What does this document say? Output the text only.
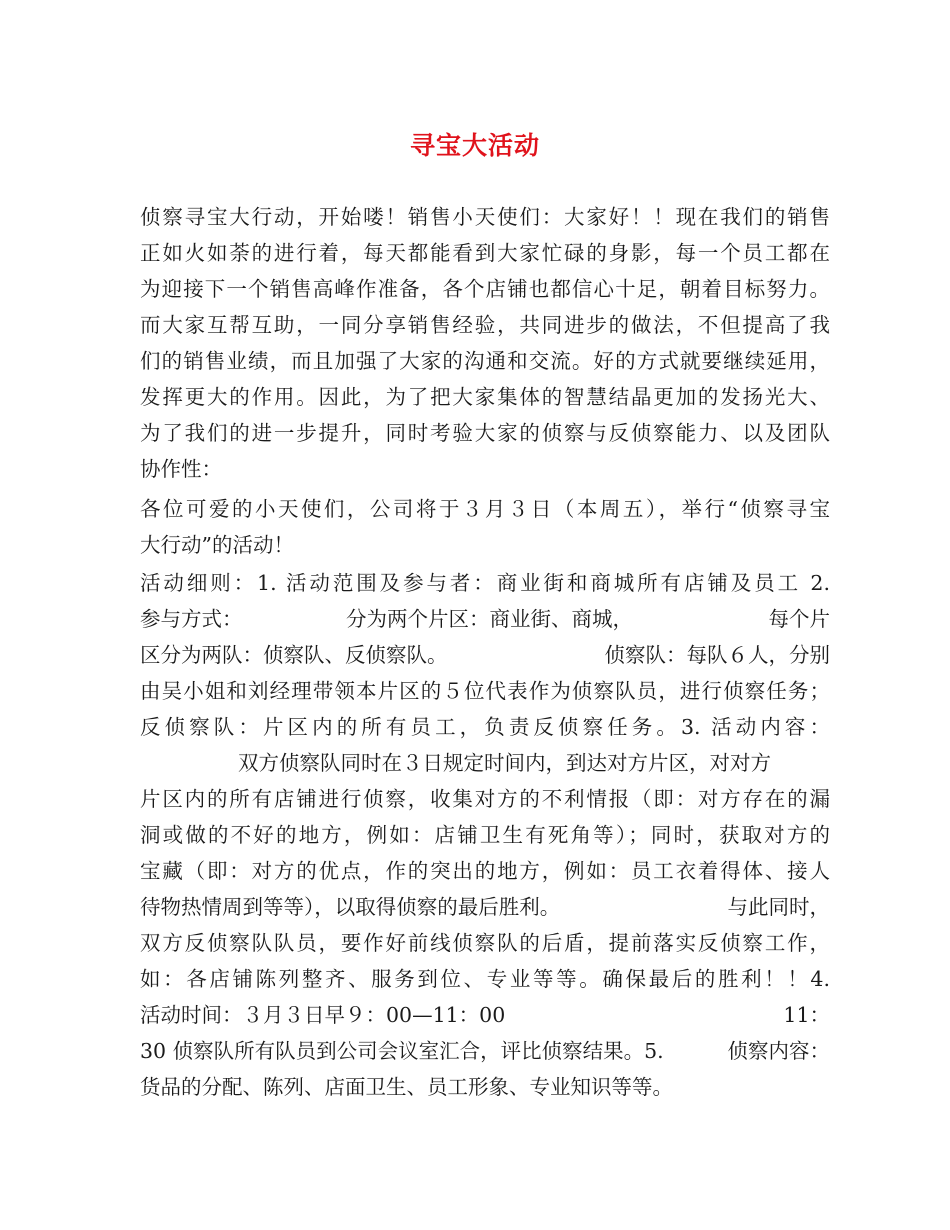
寻宝大活动
侦察寻宝大行动，开始喽！销售小天使们：大家好！！现在我们的销售
正如火如荼的进行着，每天都能看到大家忙碌的身影，每一个员工都在
为迎接下一个销售高峰作准备，各个店铺也都信心十足，朝着目标努力。
而大家互帮互助，一同分享销售经验，共同进步的做法，不但提高了我
们的销售业绩，而且加强了大家的沟通和交流。好的方式就要继续延用，
发挥更大的作用。因此，为了把大家集体的智慧结晶更加的发扬光大、
为了我们的进一步提升，同时考验大家的侦察与反侦察能力、以及团队
协作性：
各位可爱的小天使们，公司将于３月３日（本周五），举行“侦察寻宝
大行动”的活动！
活动细则：1. 活动范围及参与者：商业街和商城所有店铺及员工 2.
参与方式：	分为两个片区：商业街、商城，	每个片
区分为两队：侦察队、反侦察队。	侦察队：每队６人，分别
由吴小姐和刘经理带领本片区的５位代表作为侦察队员，进行侦察任务；
反侦察队：片区内的所有员工，负责反侦察任务。3. 活动内容：
双方侦察队同时在３日规定时间内，到达对方片区，对对方
片区内的所有店铺进行侦察，收集对方的不利情报（即：对方存在的漏
洞或做的不好的地方，例如：店铺卫生有死角等）；同时，获取对方的
宝藏（即：对方的优点，作的突出的地方，例如：员工衣着得体、接人
待物热情周到等等），以取得侦察的最后胜利。	与此同时，
双方反侦察队队员，要作好前线侦察队的后盾，提前落实反侦察工作，
如：各店铺陈列整齐、服务到位、专业等等。确保最后的胜利！！4.
活动时间：３月３日早９：00—11：00	11：
30 侦察队所有队员到公司会议室汇合，评比侦察结果。5.	侦察内容：
货品的分配、陈列、店面卫生、员工形象、专业知识等等。
